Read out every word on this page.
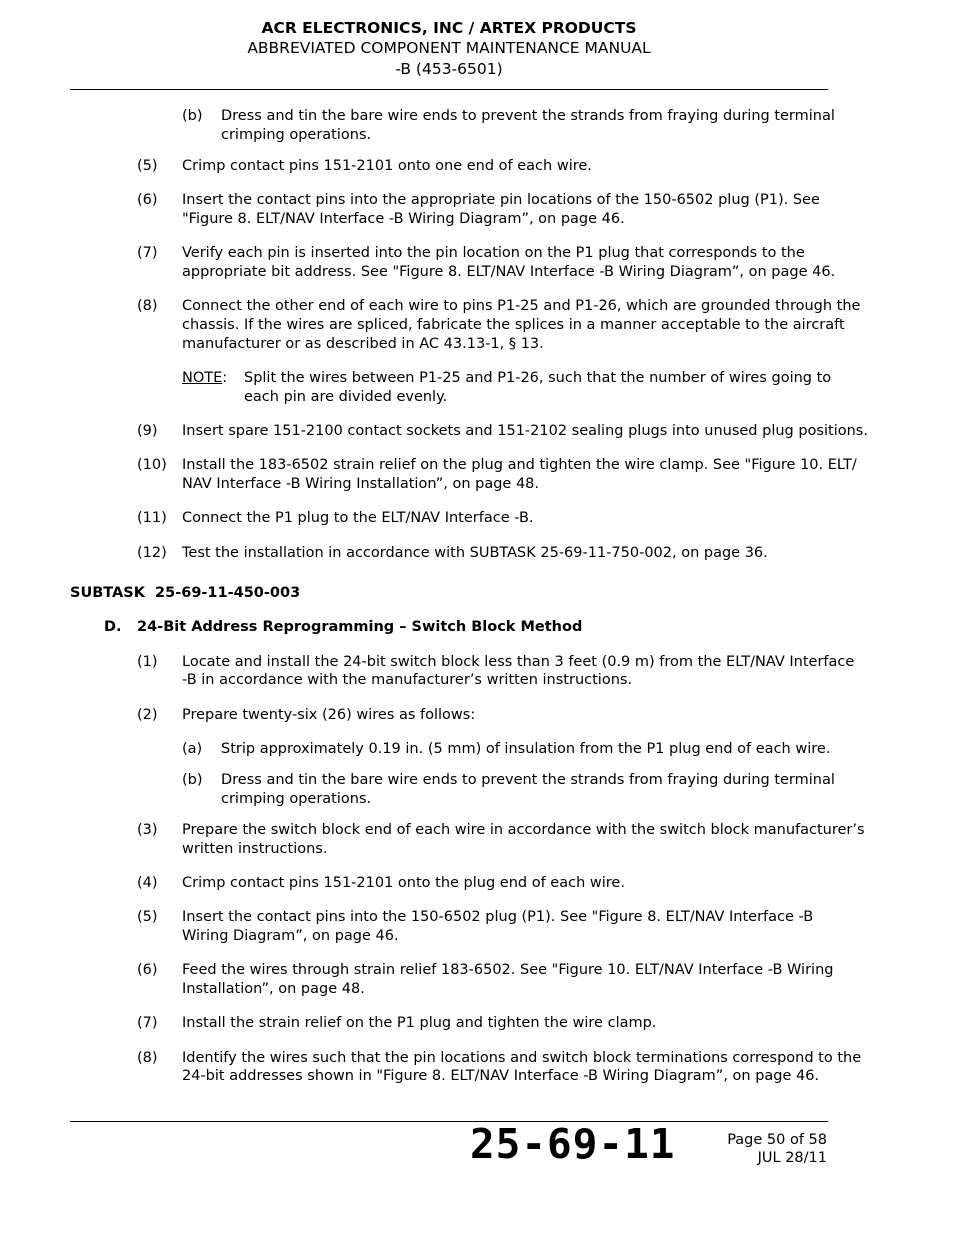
ACR ELECTRONICS, INC / ARTEX PRODUCTS
ABBREVIATED COMPONENT MAINTENANCE MANUAL
-B (453-6501)
(b) Dress and tin the bare wire ends to prevent the strands from fraying during terminal
crimping operations.
(5) Crimp contact pins 151-2101 onto one end of each wire.
(6) Insert the contact pins into the appropriate pin locations of the 150-6502 plug (P1). See
"Figure 8. ELT/NAV Interface -B Wiring Diagram”, on page 46.
(7) Verify each pin is inserted into the pin location on the P1 plug that corresponds to the
appropriate bit address. See "Figure 8. ELT/NAV Interface -B Wiring Diagram”, on page 46.
(8) Connect the other end of each wire to pins P1-25 and P1-26, which are grounded through the
chassis. If the wires are spliced, fabricate the splices in a manner acceptable to the aircraft
manufacturer or as described in AC 43.13-1, § 13.
NOTE: Split the wires between P1-25 and P1-26, such that the number of wires going to
each pin are divided evenly.
(9) Insert spare 151-2100 contact sockets and 151-2102 sealing plugs into unused plug positions.
(10) Install the 183-6502 strain relief on the plug and tighten the wire clamp. See "Figure 10. ELT/
NAV Interface -B Wiring Installation”, on page 48.
(11) Connect the P1 plug to the ELT/NAV Interface -B.
(12) Test the installation in accordance with SUBTASK 25-69-11-750-002, on page 36.
SUBTASK  25-69-11-450-003
D. 24-Bit Address Reprogramming – Switch Block Method
(1) Locate and install the 24-bit switch block less than 3 feet (0.9 m) from the ELT/NAV Interface
-B in accordance with the manufacturer’s written instructions.
(2) Prepare twenty-six (26) wires as follows:
(a) Strip approximately 0.19 in. (5 mm) of insulation from the P1 plug end of each wire.
(b) Dress and tin the bare wire ends to prevent the strands from fraying during terminal
crimping operations.
(3) Prepare the switch block end of each wire in accordance with the switch block manufacturer’s
written instructions.
(4) Crimp contact pins 151-2101 onto the plug end of each wire.
(5) Insert the contact pins into the 150-6502 plug (P1). See "Figure 8. ELT/NAV Interface -B
Wiring Diagram”, on page 46.
(6) Feed the wires through strain relief 183-6502. See "Figure 10. ELT/NAV Interface -B Wiring
Installation”, on page 48.
(7) Install the strain relief on the P1 plug and tighten the wire clamp.
(8) Identify the wires such that the pin locations and switch block terminations correspond to the
24-bit addresses shown in "Figure 8. ELT/NAV Interface -B Wiring Diagram”, on page 46.
25-69-11	Page 50 of 58
JUL 28/11
